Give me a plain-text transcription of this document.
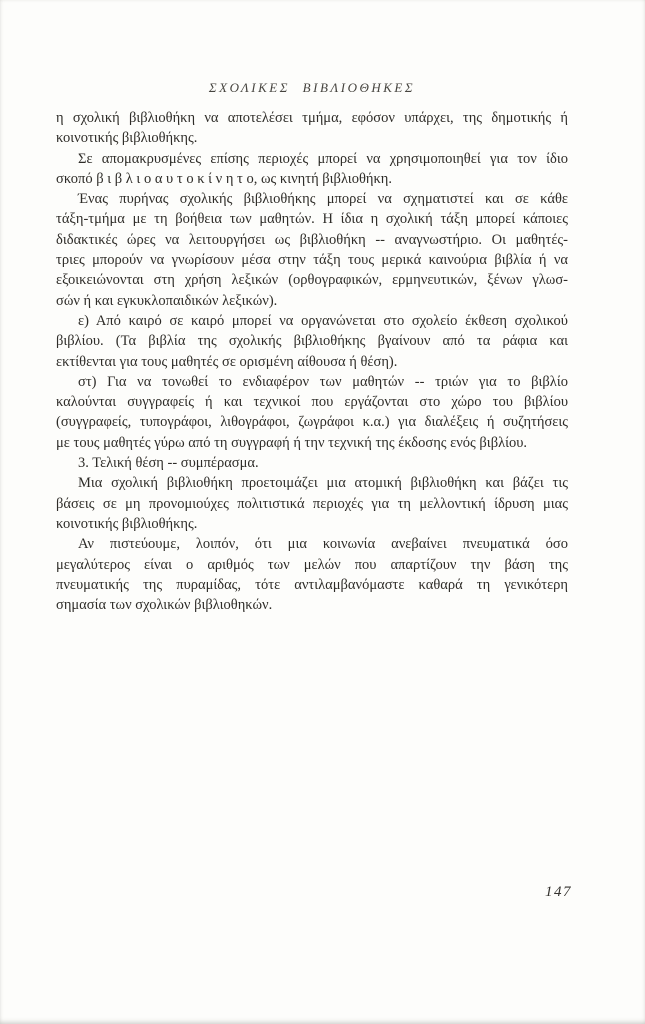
ΣΧΟΛΙΚΕΣ ΒΙΒΛΙΟΘΗΚΕΣ

η σχολική βιβλιοθήκη να αποτελέσει τμήμα, εφόσον υπάρχει, της δημοτικής ή
κοινοτικής βιβλιοθήκης.

Σε απομακρυσμένες επίσης περιοχές μπορεί να χρησιμοποιηθεί για τον ίδιο
σκοπό β ι β λ ι ο α υ τ ο κ ί ν η τ ο, ως κινητή βιβλιοθήκη.

Ένας πυρήνας σχολικής βιβλιοθήκης μπορεί να σχηματιστεί και σε κάθε
τάξη-τμήμα με τη βοήθεια των μαθητών. Η ίδια η σχολική τάξη μπορεί κάποιες
διδακτικές ώρες να λειτουργήσει ως βιβλιοθήκη -- αναγνωστήριο. Οι μαθητές-
τριες μπορούν να γνωρίσουν μέσα στην τάξη τους μερικά καινούρια βιβλία ή να
εξοικειώνονται στη χρήση λεξικών (ορθογραφικών, ερμηνευτικών, ξένων γλωσ-
σών ή και εγκυκλοπαιδικών λεξικών).

ε) Από καιρό σε καιρό μπορεί να οργανώνεται στο σχολείο έκθεση σχολικού
βιβλίου. (Τα βιβλία της σχολικής βιβλιοθήκης βγαίνουν από τα ράφια και
εκτίθενται για τους μαθητές σε ορισμένη αίθουσα ή θέση).

στ) Για να τονωθεί το ενδιαφέρον των μαθητών -- τριών για το βιβλίο
καλούνται συγγραφείς ή και τεχνικοί που εργάζονται στο χώρο του βιβλίου
(συγγραφείς, τυπογράφοι, λιθογράφοι, ζωγράφοι κ.α.) για διαλέξεις ή συζητήσεις
με τους μαθητές γύρω από τη συγγραφή ή την τεχνική της έκδοσης ενός βιβλίου.

3. Τελική θέση -- συμπέρασμα.

Μια σχολική βιβλιοθήκη προετοιμάζει μια ατομική βιβλιοθήκη και βάζει τις
βάσεις σε μη προνομιούχες πολιτιστικά περιοχές για τη μελλοντική ίδρυση μιας
κοινοτικής βιβλιοθήκης.

Αν πιστεύουμε, λοιπόν, ότι μια κοινωνία ανεβαίνει πνευματικά όσο
μεγαλύτερος είναι ο αριθμός των μελών που απαρτίζουν την βάση της
πνευματικής της πυραμίδας, τότε αντιλαμβανόμαστε καθαρά τη γενικότερη
σημασία των σχολικών βιβλιοθηκών.

147
